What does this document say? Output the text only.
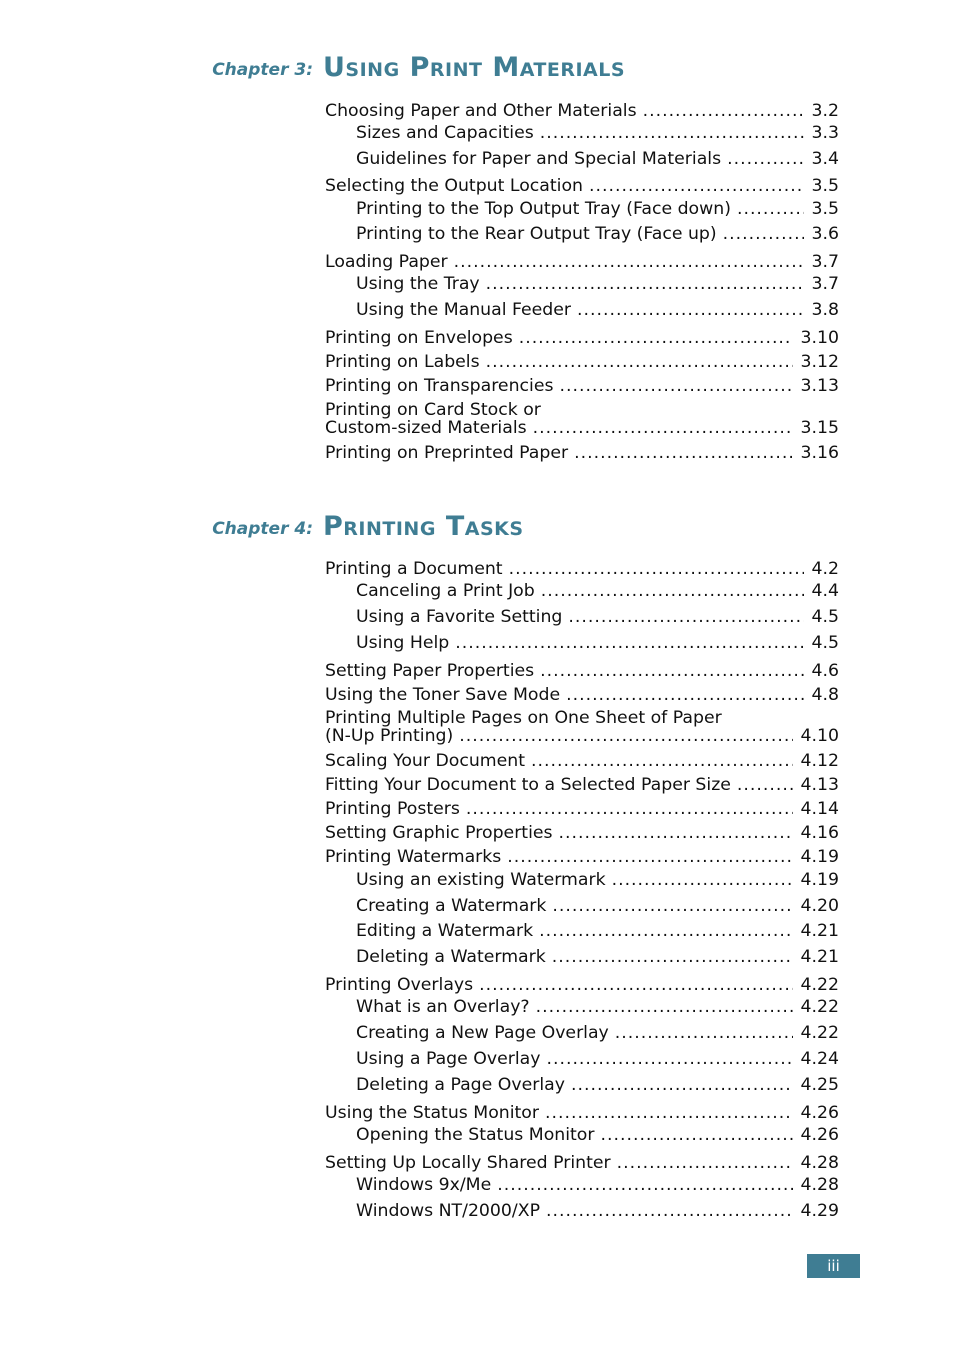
Chapter 3: Using Print Materials
Choosing Paper and Other Materials .....	3.2
Sizes and Capacities .....	3.3
Guidelines for Paper and Special Materials .....	3.4
Selecting the Output Location .....	3.5
Printing to the Top Output Tray (Face down) .....	3.5
Printing to the Rear Output Tray (Face up) .....	3.6
Loading Paper .....	3.7
Using the Tray .....	3.7
Using the Manual Feeder .....	3.8
Printing on Envelopes .....	3.10
Printing on Labels .....	3.12
Printing on Transparencies .....	3.13
Printing on Card Stock or
Custom-sized Materials .....	3.15
Printing on Preprinted Paper .....	3.16
Chapter 4: Printing Tasks
Printing a Document .....	4.2
Canceling a Print Job .....	4.4
Using a Favorite Setting .....	4.5
Using Help .....	4.5
Setting Paper Properties .....	4.6
Using the Toner Save Mode .....	4.8
Printing Multiple Pages on One Sheet of Paper
(N-Up Printing) .....	4.10
Scaling Your Document .....	4.12
Fitting Your Document to a Selected Paper Size .....	4.13
Printing Posters .....	4.14
Setting Graphic Properties .....	4.16
Printing Watermarks .....	4.19
Using an existing Watermark .....	4.19
Creating a Watermark .....	4.20
Editing a Watermark .....	4.21
Deleting a Watermark .....	4.21
Printing Overlays .....	4.22
What is an Overlay? .....	4.22
Creating a New Page Overlay .....	4.22
Using a Page Overlay .....	4.24
Deleting a Page Overlay .....	4.25
Using the Status Monitor .....	4.26
Opening the Status Monitor .....	4.26
Setting Up Locally Shared Printer .....	4.28
Windows 9x/Me .....	4.28
Windows NT/2000/XP .....	4.29
iii
